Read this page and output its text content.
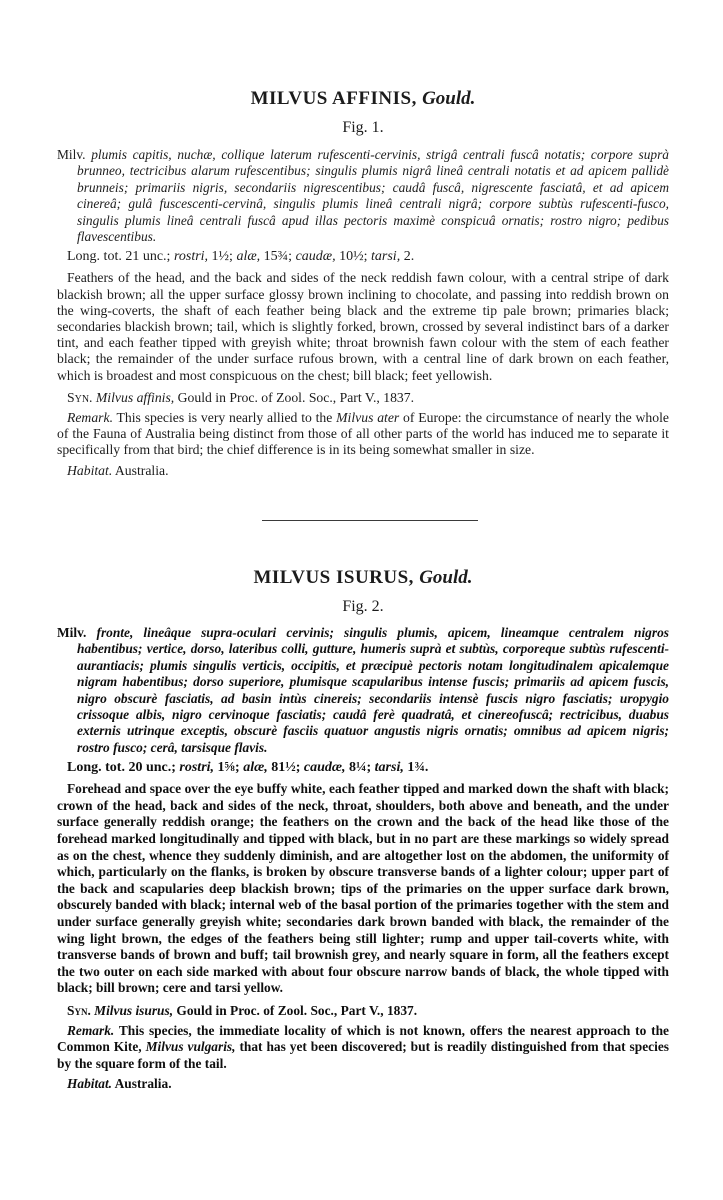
MILVUS AFFINIS, Gould.

Fig. 1.

Milv. plumis capitis, nuchæ, collique laterum rufescenti-cervinis, strigâ centrali fuscâ notatis; corpore suprà brunneo, tectricibus alarum rufescentibus; singulis plumis nigrâ lineâ centrali notatis et ad apicem pallidè brunneis; primariis nigris, secondariis nigrescentibus; caudâ fuscâ, nigrescente fasciatâ, et ad apicem cinereâ; gulâ fuscescenti-cervinâ, singulis plumis lineâ centrali nigrâ; corpore subtùs rufescenti-fusco, singulis plumis lineâ centrali fuscâ apud illas pectoris maximè conspicuâ ornatis; rostro nigro; pedibus flavescentibus.

Long. tot. 21 unc.; rostri, 1½; alæ, 15¾; caudæ, 10½; tarsi, 2.

Feathers of the head, and the back and sides of the neck reddish fawn colour, with a central stripe of dark blackish brown; all the upper surface glossy brown inclining to chocolate, and passing into reddish brown on the wing-coverts, the shaft of each feather being black and the extreme tip pale brown; primaries black; secondaries blackish brown; tail, which is slightly forked, brown, crossed by several indistinct bars of a darker tint, and each feather tipped with greyish white; throat brownish fawn colour with the stem of each feather black; the remainder of the under surface rufous brown, with a central line of dark brown on each feather, which is broadest and most conspicuous on the chest; bill black; feet yellowish.

Syn. Milvus affinis, Gould in Proc. of Zool. Soc., Part V., 1837.

Remark. This species is very nearly allied to the Milvus ater of Europe: the circumstance of nearly the whole of the Fauna of Australia being distinct from those of all other parts of the world has induced me to separate it specifically from that bird; the chief difference is in its being somewhat smaller in size.

Habitat. Australia.

MILVUS ISURUS, Gould.

Fig. 2.

Milv. fronte, lineâque supra-oculari cervinis; singulis plumis, apicem, lineamque centralem nigros habentibus; vertice, dorso, lateribus colli, gutture, humeris suprà et subtùs, corporeque subtùs rufescenti-aurantiacis; plumis singulis verticis, occipitis, et præcipuè pectoris notam longitudinalem apicalemque nigram habentibus; dorso superiore, plumisque scapularibus intense fuscis; primariis ad apicem fuscis, nigro obscurè fasciatis, ad basin intùs cinereis; secondariis intensè fuscis nigro fasciatis; uropygio crissoque albis, nigro cervinoque fasciatis; caudâ ferè quadratâ, et cinereofuscâ; rectricibus, duabus externis utrinque exceptis, obscurè fasciis quatuor angustis nigris ornatis; omnibus ad apicem nigris; rostro fusco; cerâ, tarsisque flavis.

Long. tot. 20 unc.; rostri, 1⅝; alæ, 81½; caudæ, 8¼; tarsi, 1¾.

Forehead and space over the eye buffy white, each feather tipped and marked down the shaft with black; crown of the head, back and sides of the neck, throat, shoulders, both above and beneath, and the under surface generally reddish orange; the feathers on the crown and the back of the head like those of the forehead marked longitudinally and tipped with black, but in no part are these markings so widely spread as on the chest, whence they suddenly diminish, and are altogether lost on the abdomen, the uniformity of which, particularly on the flanks, is broken by obscure transverse bands of a lighter colour; upper part of the back and scapularies deep blackish brown; tips of the primaries on the upper surface dark brown, obscurely banded with black; internal web of the basal portion of the primaries together with the stem and under surface generally greyish white; secondaries dark brown banded with black, the remainder of the wing light brown, the edges of the feathers being still lighter; rump and upper tail-coverts white, with transverse bands of brown and buff; tail brownish grey, and nearly square in form, all the feathers except the two outer on each side marked with about four obscure narrow bands of black, the whole tipped with black; bill brown; cere and tarsi yellow.

Syn. Milvus isurus, Gould in Proc. of Zool. Soc., Part V., 1837.

Remark. This species, the immediate locality of which is not known, offers the nearest approach to the Common Kite, Milvus vulgaris, that has yet been discovered; but is readily distinguished from that species by the square form of the tail.

Habitat. Australia.
